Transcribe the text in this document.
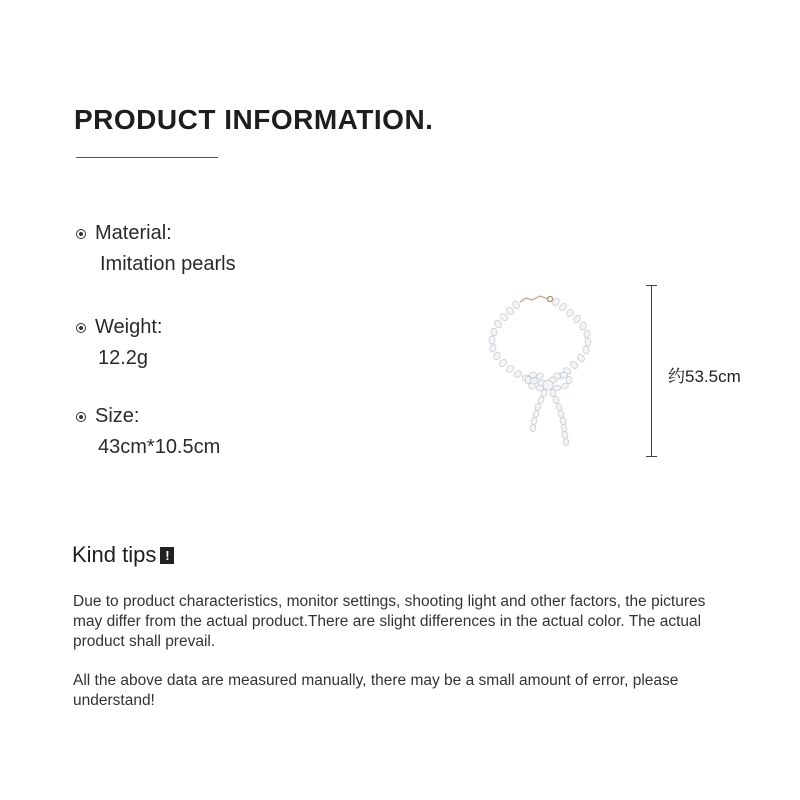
PRODUCT INFORMATION.
Material:
Imitation pearls
Weight:
12.2g
Size:
43cm*10.5cm
约53.5cm
Kind tips !
Due to product characteristics, monitor settings, shooting light and other factors, the pictures may differ from the actual product.There are slight differences in the actual color. The actual product shall prevail.
All the above data are measured manually, there may be a small amount of error, please understand!
